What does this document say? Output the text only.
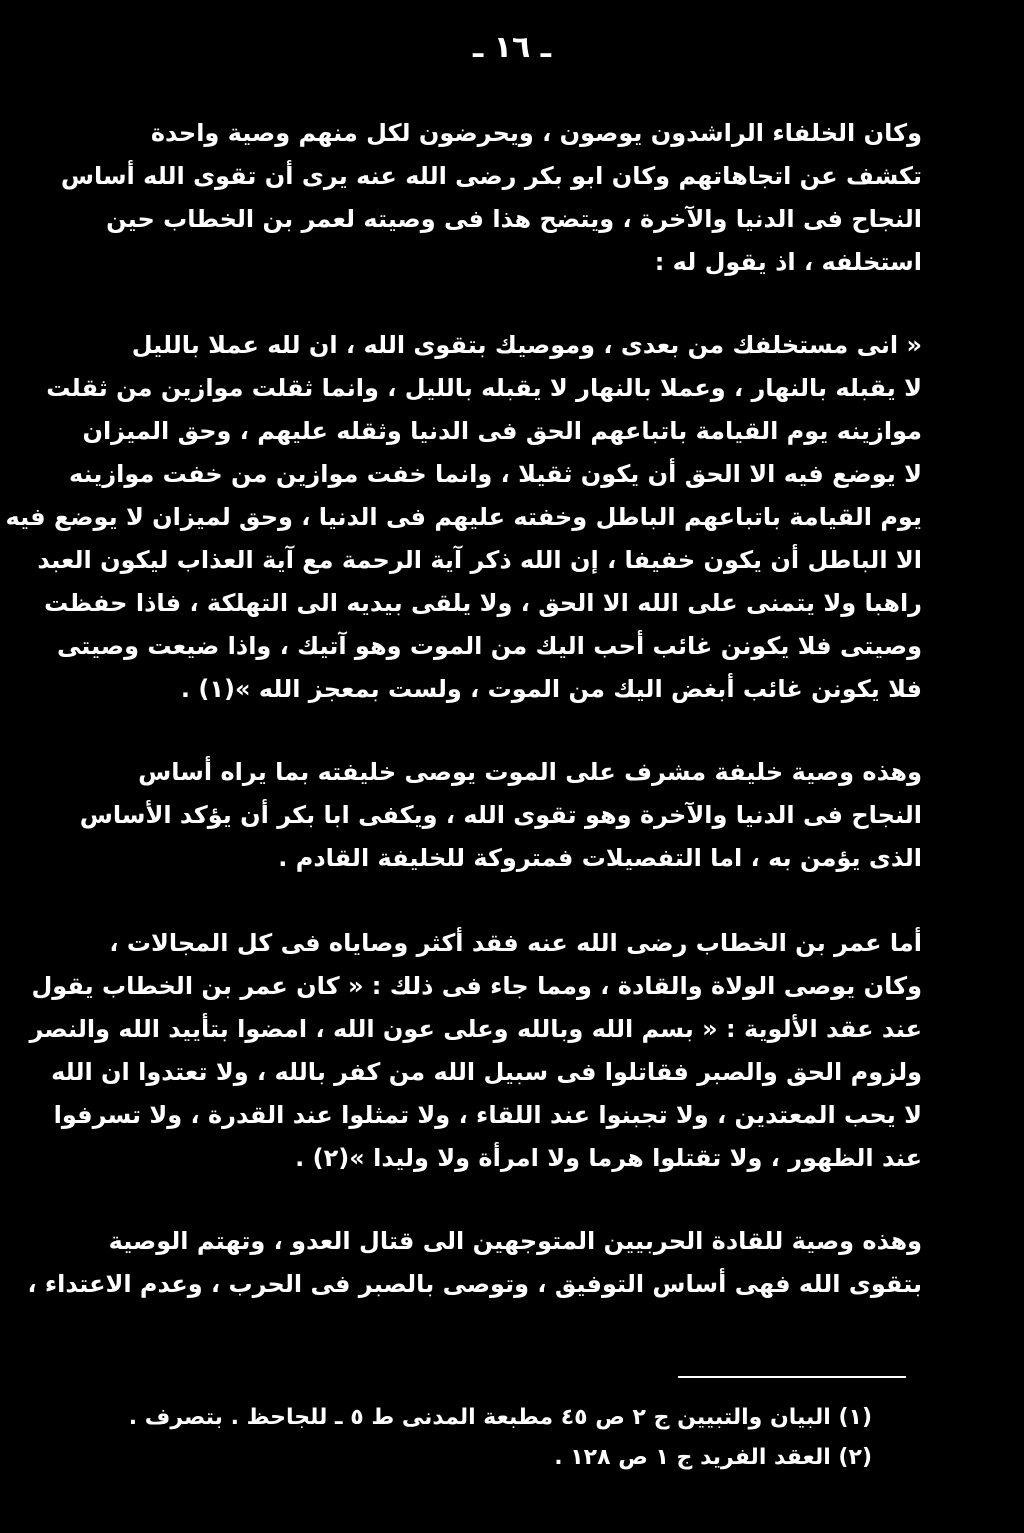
ـ ١٦ ـ
وكان الخلفاء الراشدون يوصون ، ويحرضون لكل منهم وصية واحدة
تكشف عن اتجاهاتهم وكان ابو بكر رضى الله عنه يرى أن تقوى الله أساس
النجاح فى الدنيا والآخرة ، ويتضح هذا فى وصيته لعمر بن الخطاب حين
استخلفه ، اذ يقول له :
« انى مستخلفك من بعدى ، وموصيك بتقوى الله ، ان لله عملا بالليل
لا يقبله بالنهار ، وعملا بالنهار لا يقبله بالليل ، وانما ثقلت موازين من ثقلت
موازينه يوم القيامة باتباعهم الحق فى الدنيا وثقله عليهم ، وحق الميزان
لا يوضع فيه الا الحق أن يكون ثقيلا ، وانما خفت موازين من خفت موازينه
يوم القيامة باتباعهم الباطل وخفته عليهم فى الدنيا ، وحق لميزان لا يوضع فيه
الا الباطل أن يكون خفيفا ، إن الله ذكر آية الرحمة مع آية العذاب ليكون العبد
راهبا ولا يتمنى على الله الا الحق ، ولا يلقى بيديه الى التهلكة ، فاذا حفظت
وصيتى فلا يكونن غائب أحب اليك من الموت وهو آتيك ، واذا ضيعت وصيتى
فلا يكونن غائب أبغض اليك من الموت ، ولست بمعجز الله »(١) .
وهذه وصية خليفة مشرف على الموت يوصى خليفته بما يراه أساس
النجاح فى الدنيا والآخرة وهو تقوى الله ، ويكفى ابا بكر أن يؤكد الأساس
الذى يؤمن به ، اما التفصيلات فمتروكة للخليفة القادم .
أما عمر بن الخطاب رضى الله عنه فقد أكثر وصاياه فى كل المجالات ،
وكان يوصى الولاة والقادة ، ومما جاء فى ذلك : « كان عمر بن الخطاب يقول
عند عقد الألوية : « بسم الله وبالله وعلى عون الله ، امضوا بتأييد الله والنصر
ولزوم الحق والصبر فقاتلوا فى سبيل الله من كفر بالله ، ولا تعتدوا ان الله
لا يحب المعتدين ، ولا تجبنوا عند اللقاء ، ولا تمثلوا عند القدرة ، ولا تسرفوا
عند الظهور ، ولا تقتلوا هرما ولا امرأة ولا وليدا »(٢) .
وهذه وصية للقادة الحربيين المتوجهين الى قتال العدو ، وتهتم الوصية
بتقوى الله فهى أساس التوفيق ، وتوصى بالصبر فى الحرب ، وعدم الاعتداء ،
(١) البيان والتبيين ج ٢ ص ٤٥ مطبعة المدنى ط ٥ ـ للجاحظ . بتصرف .
(٢) العقد الفريد ج ١ ص ١٢٨ .
